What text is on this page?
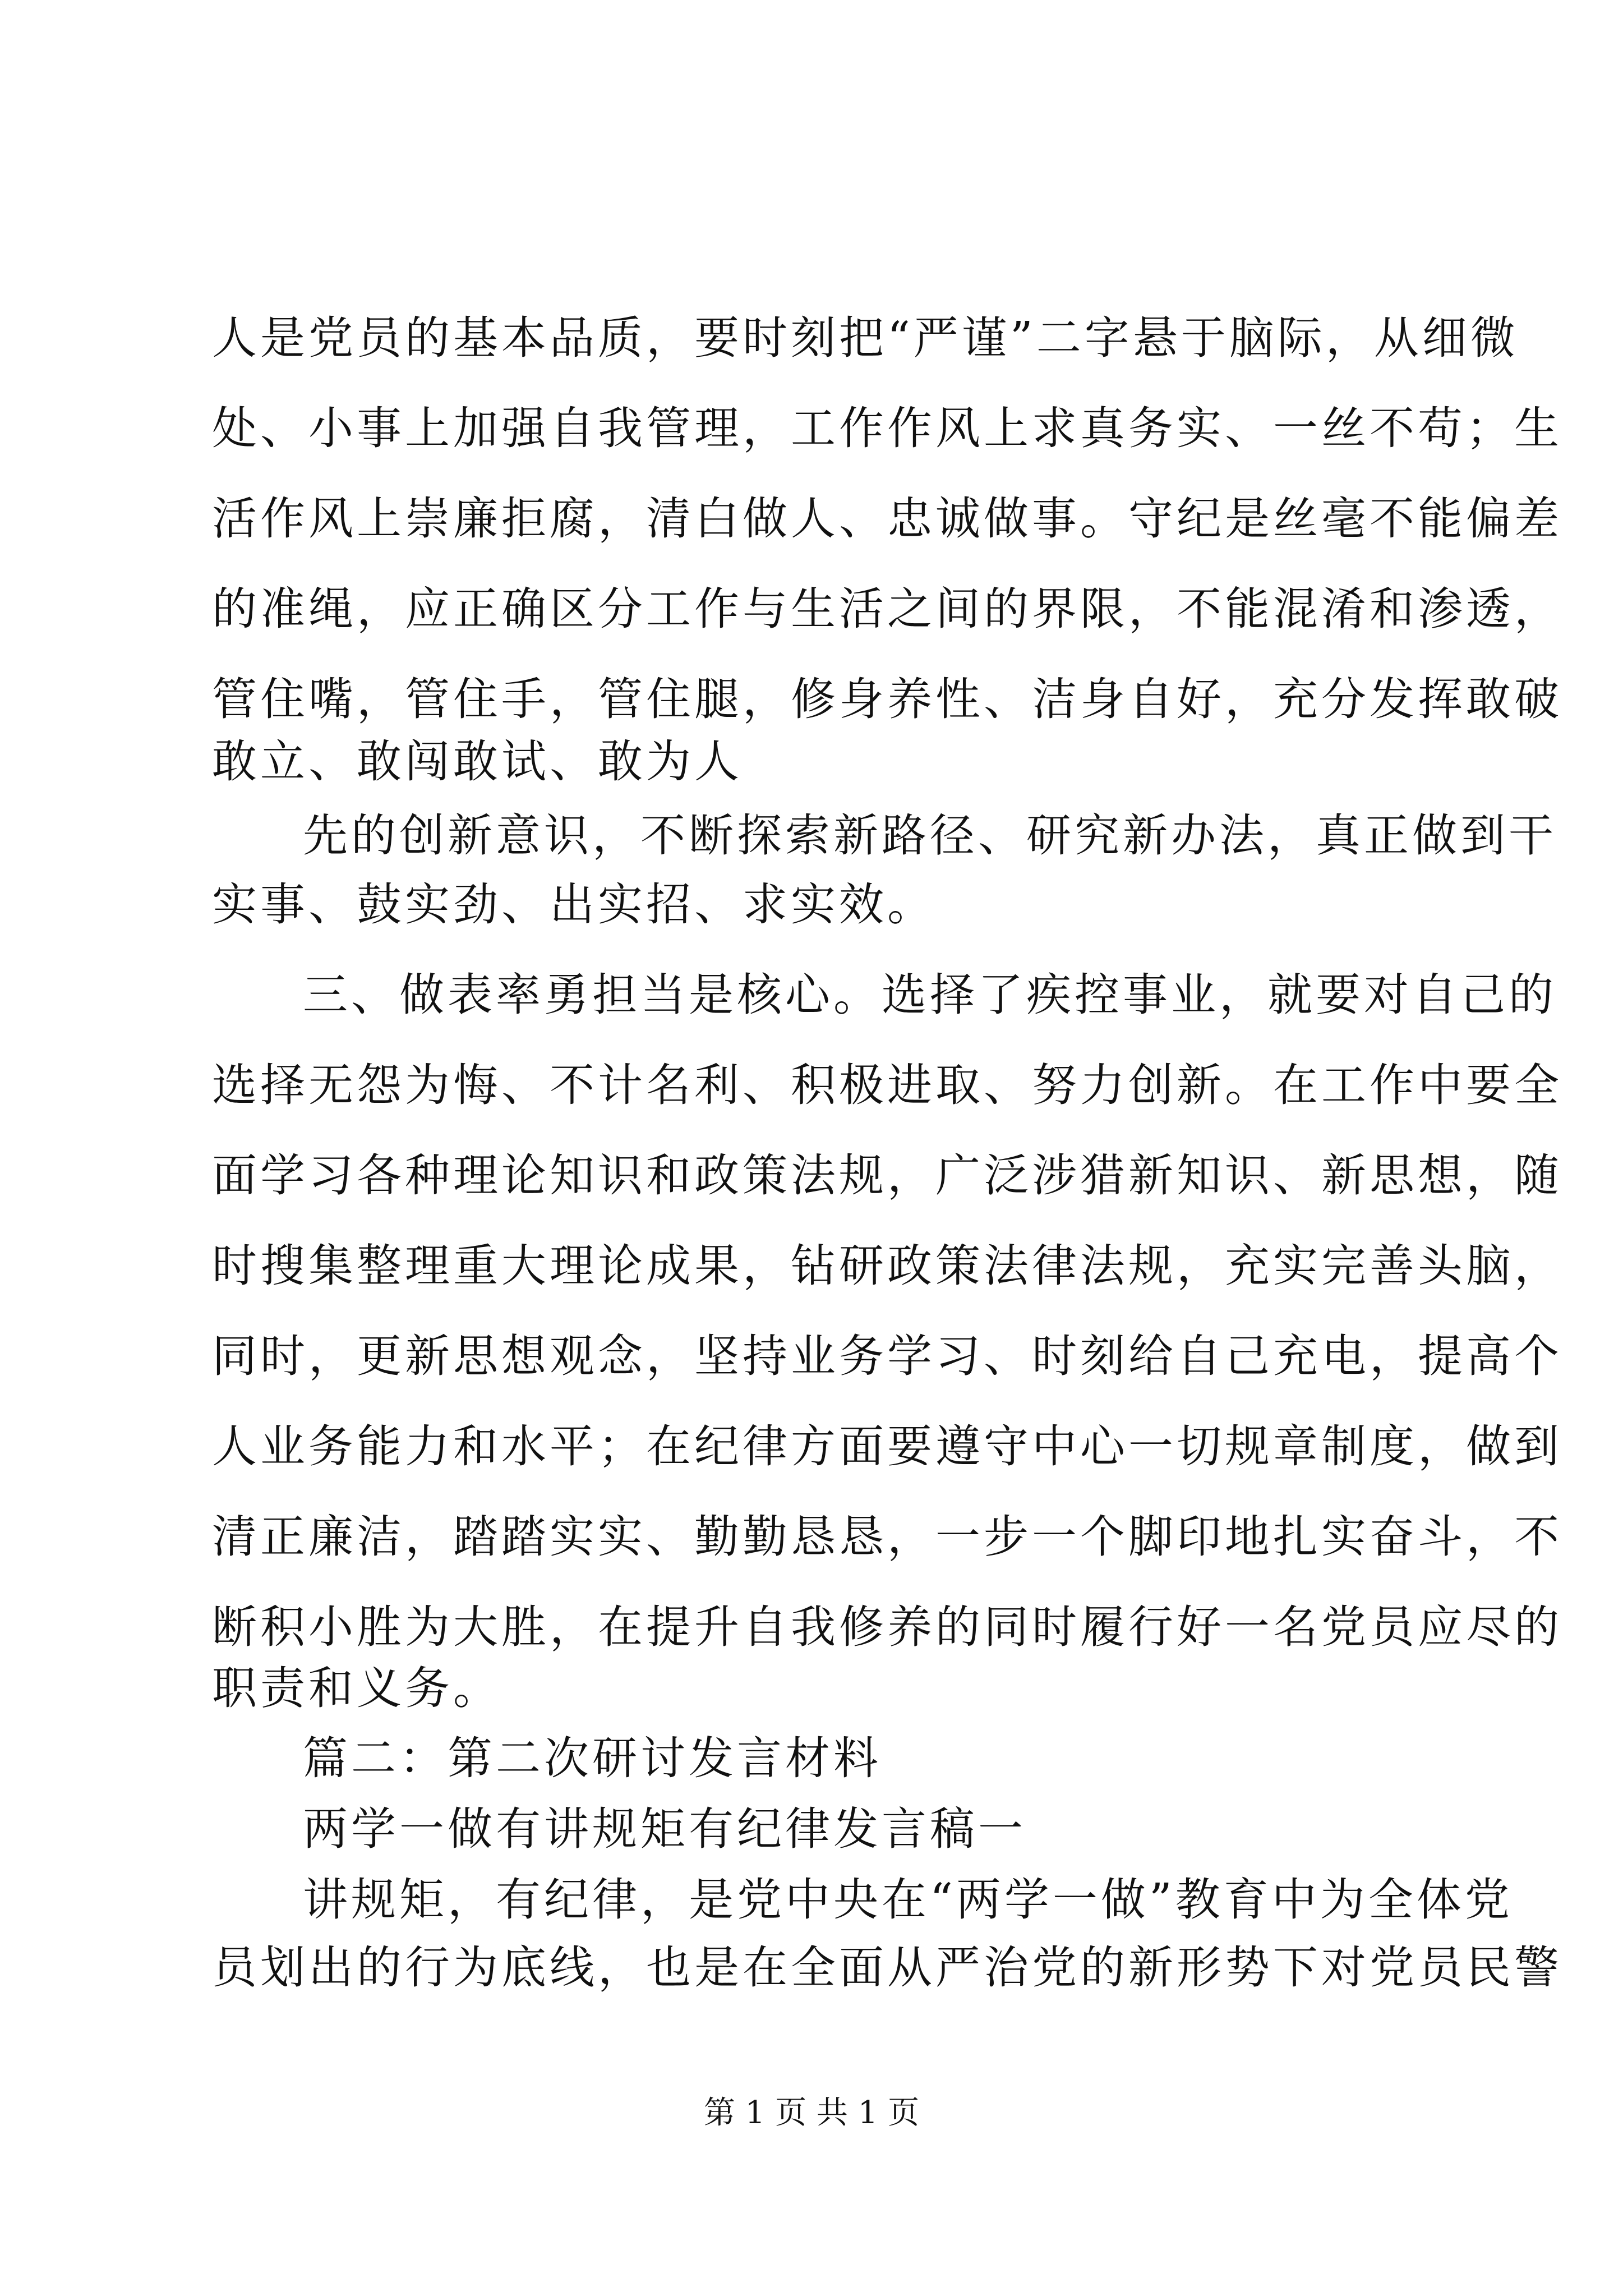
人是党员的基本品质，要时刻把“严谨”二字悬于脑际，从细微
处、小事上加强自我管理，工作作风上求真务实、一丝不苟；生
活作风上崇廉拒腐，清白做人、忠诚做事。守纪是丝毫不能偏差
的准绳，应正确区分工作与生活之间的界限，不能混淆和渗透，
管住嘴，管住手，管住腿，修身养性、洁身自好，充分发挥敢破
敢立、敢闯敢试、敢为人
先的创新意识，不断探索新路径、研究新办法，真正做到干
实事、鼓实劲、出实招、求实效。
三、做表率勇担当是核心。选择了疾控事业，就要对自己的
选择无怨为悔、不计名利、积极进取、努力创新。在工作中要全
面学习各种理论知识和政策法规，广泛涉猎新知识、新思想，随
时搜集整理重大理论成果，钻研政策法律法规，充实完善头脑，
同时，更新思想观念，坚持业务学习、时刻给自己充电，提高个
人业务能力和水平；在纪律方面要遵守中心一切规章制度，做到
清正廉洁，踏踏实实、勤勤恳恳，一步一个脚印地扎实奋斗，不
断积小胜为大胜，在提升自我修养的同时履行好一名党员应尽的
职责和义务。
篇二：第二次研讨发言材料
两学一做有讲规矩有纪律发言稿一
讲规矩，有纪律，是党中央在“两学一做”教育中为全体党
员划出的行为底线，也是在全面从严治党的新形势下对党员民警
第 1 页 共 1 页
